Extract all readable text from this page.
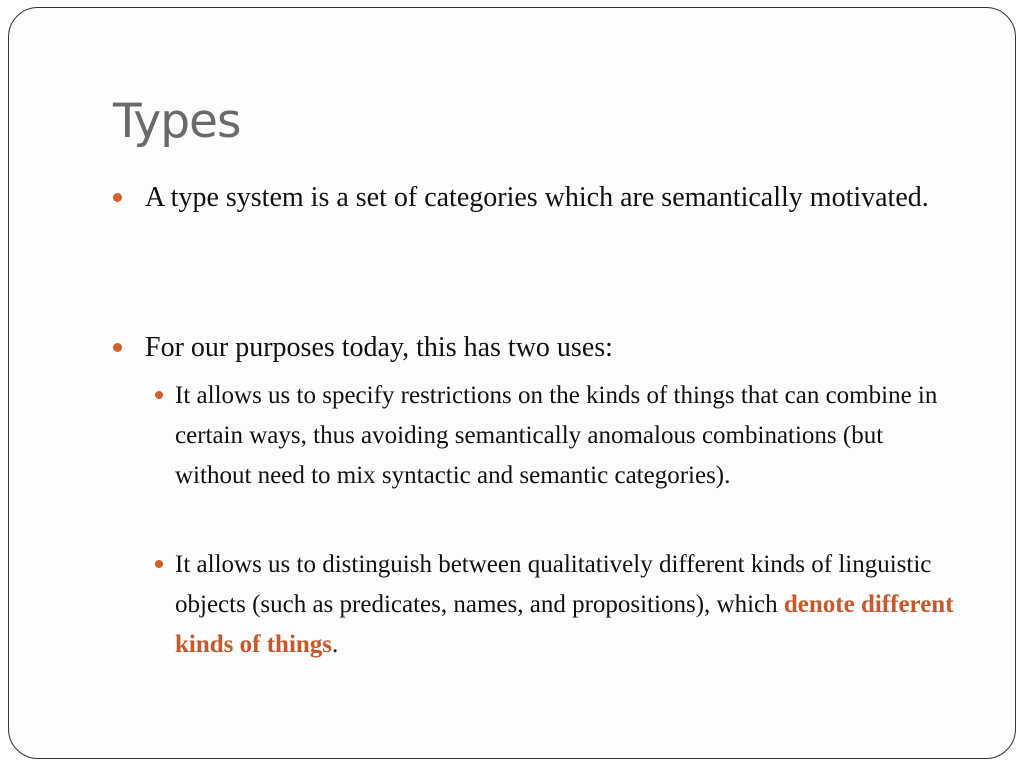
Types
A type system is a set of categories which are semantically motivated.
For our purposes today, this has two uses:
It allows us to specify restrictions on the kinds of things that can combine in certain ways, thus avoiding semantically anomalous combinations (but without need to mix syntactic and semantic categories).
It allows us to distinguish between qualitatively different kinds of linguistic objects (such as predicates, names, and propositions), which denote different kinds of things.
